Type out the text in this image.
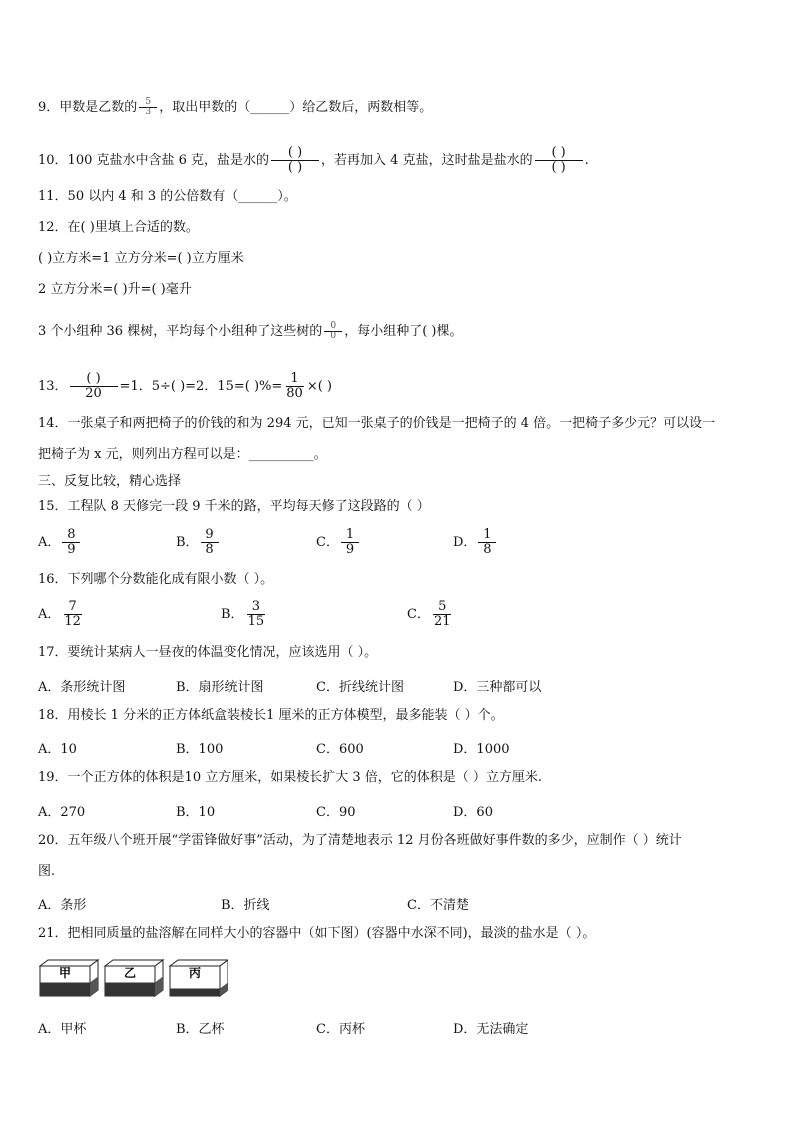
9．甲数是乙数的 $\frac{5}{3}$ ，取出甲数的（______）给乙数后，两数相等。
10．100 克盐水中含盐 6 克，盐是水的 $\frac{( )}{( )}$ ，若再加入 4 克盐，这时盐是盐水的 $\frac{( )}{( )}$ .
11．50 以内 4 和 3 的公倍数有（______）。
12．在( )里填上合适的数。
( )立方米=1 立方分米=( )立方厘米
2 立方分米=( )升=( )毫升
3 个小组种 36 棵树，平均每个小组种了这些树的 $\frac{0}{0}$ ，每小组种了( )棵。
13． $\frac{( )}{20} =1$．5÷( )=2．15=( )%= $\frac{1}{80}$ ×( )
14．一张桌子和两把椅子的价钱的和为 294 元，已知一张桌子的价钱是一把椅子的 4 倍。一把椅子多少元？可以设一
把椅子为 x 元，则列出方程可以是：__________。
三、反复比较，精心选择
15．工程队 8 天修完一段 9 千米的路，平均每天修了这段路的（ ）
A． $\frac{8}{9}$	B． $\frac{9}{8}$	C． $\frac{1}{9}$	D． $\frac{1}{8}$
16．下列哪个分数能化成有限小数（ ）。
A． $\frac{7}{12}$	B． $\frac{3}{15}$	C． $\frac{5}{21}$
17．要统计某病人一昼夜的体温变化情况，应该选用（ ）。
A．条形统计图	B．扇形统计图	C．折线统计图	D．三种都可以
18．用棱长 1 分米的正方体纸盒装棱长1 厘米的正方体模型，最多能装（ ）个。
A．10	B．100	C．600	D．1000
19．一个正方体的体积是10 立方厘米，如果棱长扩大 3 倍，它的体积是（ ）立方厘米.
A．270	B．10	C．90	D．60
20．五年级八个班开展“学雷锋做好事”活动，为了清楚地表示 12 月份各班做好事件数的多少，应制作（ ）统计
图.
A．条形	B．折线	C．不清楚
21．把相同质量的盐溶解在同样大小的容器中（如下图）(容器中水深不同)，最淡的盐水是（ ）。
甲	乙	丙
A．甲杯	B．乙杯	C．丙杯	D．无法确定
